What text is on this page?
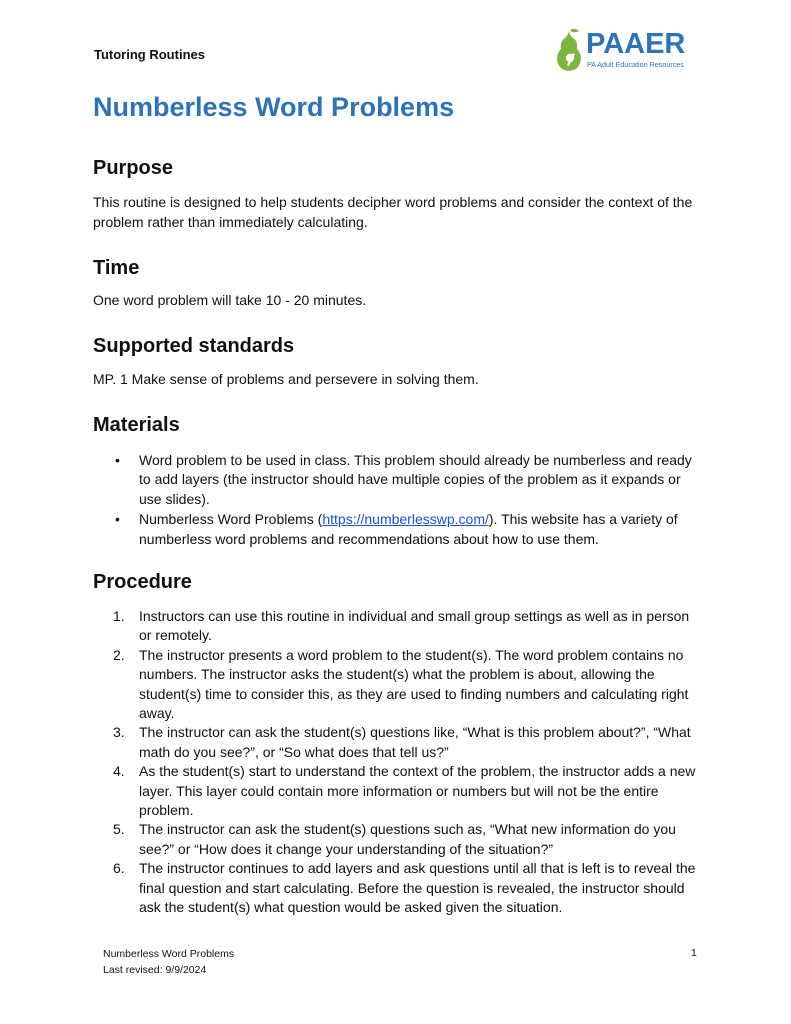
Tutoring Routines	PAAER
PA Adult Education Resources
Numberless Word Problems
Purpose

This routine is designed to help students decipher word problems and consider the context of the problem rather than immediately calculating.

Time

One word problem will take 10 - 20 minutes.

Supported standards

MP. 1 Make sense of problems and persevere in solving them.

Materials
• Word problem to be used in class. This problem should already be numberless and ready to add layers (the instructor should have multiple copies of the problem as it expands or use slides).
• Numberless Word Problems (https://numberlesswp.com/). This website has a variety of numberless word problems and recommendations about how to use them.
Procedure
1. Instructors can use this routine in individual and small group settings as well as in person or remotely.
2. The instructor presents a word problem to the student(s). The word problem contains no numbers. The instructor asks the student(s) what the problem is about, allowing the student(s) time to consider this, as they are used to finding numbers and calculating right away.
3. The instructor can ask the student(s) questions like, “What is this problem about?”, “What math do you see?”, or “So what does that tell us?”
4. As the student(s) start to understand the context of the problem, the instructor adds a new layer. This layer could contain more information or numbers but will not be the entire problem.
5. The instructor can ask the student(s) questions such as, “What new information do you see?” or “How does it change your understanding of the situation?”
6. The instructor continues to add layers and ask questions until all that is left is to reveal the final question and start calculating. Before the question is revealed, the instructor should ask the student(s) what question would be asked given the situation.
Numberless Word Problems
Last revised: 9/9/2024
1
